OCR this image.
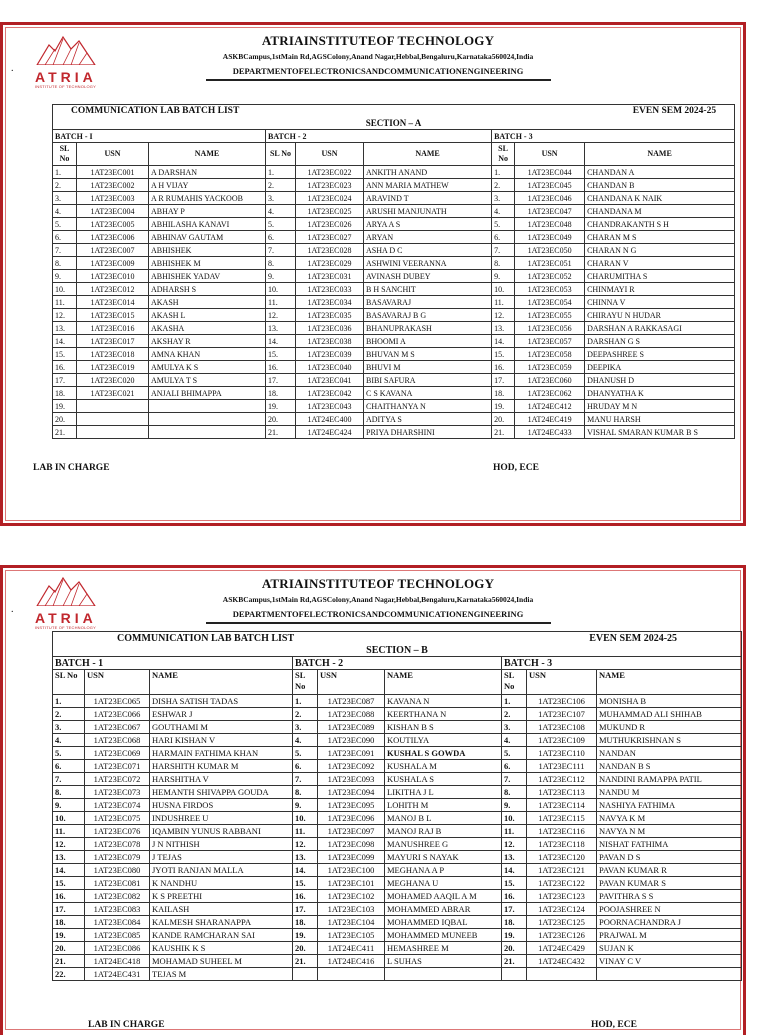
ATRIA
INSTITUTE OF TECHNOLOGY
.
ATRIAINSTITUTEOF TECHNOLOGY
ASKBCampus,1stMain Rd,AGSColony,Anand Nagar,Hebbal,Bengaluru,Karnataka560024,India
DEPARTMENTOFELECTRONICSANDCOMMUNICATIONENGINEERING
COMMUNICATION LAB BATCH LIST						EVEN SEM 2024-25		
SECTION – A								
BATCH - I			BATCH - 2			BATCH - 3		
SL No	USN	NAME	SL No	USN	NAME	SL No	USN	NAME
1.	1AT23EC001	A DARSHAN	1.	1AT23EC022	ANKITH ANAND	1.	1AT23EC044	CHANDAN A
2.	1AT23EC002	A H VIJAY	2.	1AT23EC023	ANN MARIA MATHEW	2.	1AT23EC045	CHANDAN B
3.	1AT23EC003	A R RUMAHIS YACKOOB	3.	1AT23EC024	ARAVIND T	3.	1AT23EC046	CHANDANA K NAIK
4.	1AT23EC004	ABHAY P	4.	1AT23EC025	ARUSHI MANJUNATH	4.	1AT23EC047	CHANDANA M
5.	1AT23EC005	ABHILASHA KANAVI	5.	1AT23EC026	ARYA A S	5.	1AT23EC048	CHANDRAKANTH S H
6.	1AT23EC006	ABHINAV GAUTAM	6.	1AT23EC027	ARYAN	6.	1AT23EC049	CHARAN M S
7.	1AT23EC007	ABHISHEK	7.	1AT23EC028	ASHA D C	7.	1AT23EC050	CHARAN N G
8.	1AT23EC009	ABHISHEK M	8.	1AT23EC029	ASHWINI VEERANNA	8.	1AT23EC051	CHARAN V
9.	1AT23EC010	ABHISHEK YADAV	9.	1AT23EC031	AVINASH DUBEY	9.	1AT23EC052	CHARUMITHA S
10.	1AT23EC012	ADHARSH S	10.	1AT23EC033	B H SANCHIT	10.	1AT23EC053	CHINMAYI R
11.	1AT23EC014	AKASH	11.	1AT23EC034	BASAVARAJ	11.	1AT23EC054	CHINNA V
12.	1AT23EC015	AKASH L	12.	1AT23EC035	BASAVARAJ B G	12.	1AT23EC055	CHIRAYU N HUDAR
13.	1AT23EC016	AKASHA	13.	1AT23EC036	BHANUPRAKASH	13.	1AT23EC056	DARSHAN A RAKKASAGI
14.	1AT23EC017	AKSHAY R	14.	1AT23EC038	BHOOMI A	14.	1AT23EC057	DARSHAN G S
15.	1AT23EC018	AMNA KHAN	15.	1AT23EC039	BHUVAN M S	15.	1AT23EC058	DEEPASHREE S
16.	1AT23EC019	AMULYA K S	16.	1AT23EC040	BHUVI M	16.	1AT23EC059	DEEPIKA
17.	1AT23EC020	AMULYA T S	17.	1AT23EC041	BIBI SAFURA	17.	1AT23EC060	DHANUSH D
18.	1AT23EC021	ANJALI BHIMAPPA	18.	1AT23EC042	C S KAVANA	18.	1AT23EC062	DHANYATHA K
19.			19.	1AT23EC043	CHAITHANYA N	19.	1AT24EC412	HRUDAY M N
20.			20.	1AT24EC400	ADITYA S	20.	1AT24EC419	MANU HARSH
21.			21.	1AT24EC424	PRIYA DHARSHINI	21.	1AT24EC433	VISHAL SMARAN KUMAR B S
LAB IN CHARGE	HOD, ECE
ATRIA
INSTITUTE OF TECHNOLOGY
.
ATRIAINSTITUTEOF TECHNOLOGY
ASKBCampus,1stMain Rd,AGSColony,Anand Nagar,Hebbal,Bengaluru,Karnataka560024,India
DEPARTMENTOFELECTRONICSANDCOMMUNICATIONENGINEERING
COMMUNICATION LAB BATCH LIST						EVEN SEM 2024-25		
SECTION – B								
BATCH - 1			BATCH - 2			BATCH - 3		
SL No	USN	NAME	SL No	USN	NAME	SL No	USN	NAME
1.	1AT23EC065	DISHA SATISH TADAS	1.	1AT23EC087	KAVANA N	1.	1AT23EC106	MONISHA B
2.	1AT23EC066	ESHWAR J	2.	1AT23EC088	KEERTHANA N	2.	1AT23EC107	MUHAMMAD ALI SHIHAB
3.	1AT23EC067	GOUTHAMI M	3.	1AT23EC089	KISHAN B S	3.	1AT23EC108	MUKUND R
4.	1AT23EC068	HARI KISHAN V	4.	1AT23EC090	KOUTILYA	4.	1AT23EC109	MUTHUKRISHNAN S
5.	1AT23EC069	HARMAIN FATHIMA KHAN	5.	1AT23EC091	KUSHAL S GOWDA	5.	1AT23EC110	NANDAN
6.	1AT23EC071	HARSHITH KUMAR M	6.	1AT23EC092	KUSHALA M	6.	1AT23EC111	NANDAN B S
7.	1AT23EC072	HARSHITHA V	7.	1AT23EC093	KUSHALA S	7.	1AT23EC112	NANDINI RAMAPPA PATIL
8.	1AT23EC073	HEMANTH SHIVAPPA GOUDA	8.	1AT23EC094	LIKITHA J L	8.	1AT23EC113	NANDU M
9.	1AT23EC074	HUSNA FIRDOS	9.	1AT23EC095	LOHITH M	9.	1AT23EC114	NASHIYA FATHIMA
10.	1AT23EC075	INDUSHREE U	10.	1AT23EC096	MANOJ B L	10.	1AT23EC115	NAVYA K M
11.	1AT23EC076	IQAMBIN YUNUS RABBANI	11.	1AT23EC097	MANOJ RAJ B	11.	1AT23EC116	NAVYA N M
12.	1AT23EC078	J N NITHISH	12.	1AT23EC098	MANUSHREE G	12.	1AT23EC118	NISHAT FATHIMA
13.	1AT23EC079	J TEJAS	13.	1AT23EC099	MAYURI S NAYAK	13.	1AT23EC120	PAVAN D S
14.	1AT23EC080	JYOTI RANJAN MALLA	14.	1AT23EC100	MEGHANA A P	14.	1AT23EC121	PAVAN KUMAR R
15.	1AT23EC081	K NANDHU	15.	1AT23EC101	MEGHANA U	15.	1AT23EC122	PAVAN KUMAR S
16.	1AT23EC082	K S PREETHI	16.	1AT23EC102	MOHAMED AAQIL A M	16.	1AT23EC123	PAVITHRA S S
17.	1AT23EC083	KAILASH	17.	1AT23EC103	MOHAMMED ABRAR	17.	1AT23EC124	POOJASHREE N
18.	1AT23EC084	KALMESH SHARANAPPA	18.	1AT23EC104	MOHAMMED IQBAL	18.	1AT23EC125	POORNACHANDRA J
19.	1AT23EC085	KANDE RAMCHARAN SAI	19.	1AT23EC105	MOHAMMED MUNEEB	19.	1AT23EC126	PRAJWAL M
20.	1AT23EC086	KAUSHIK K S	20.	1AT24EC411	HEMASHREE M	20.	1AT24EC429	SUJAN K
21.	1AT24EC418	MOHAMAD SUHEEL M	21.	1AT24EC416	L SUHAS	21.	1AT24EC432	VINAY C V
22.	1AT24EC431	TEJAS M						
LAB IN CHARGE	HOD, ECE
